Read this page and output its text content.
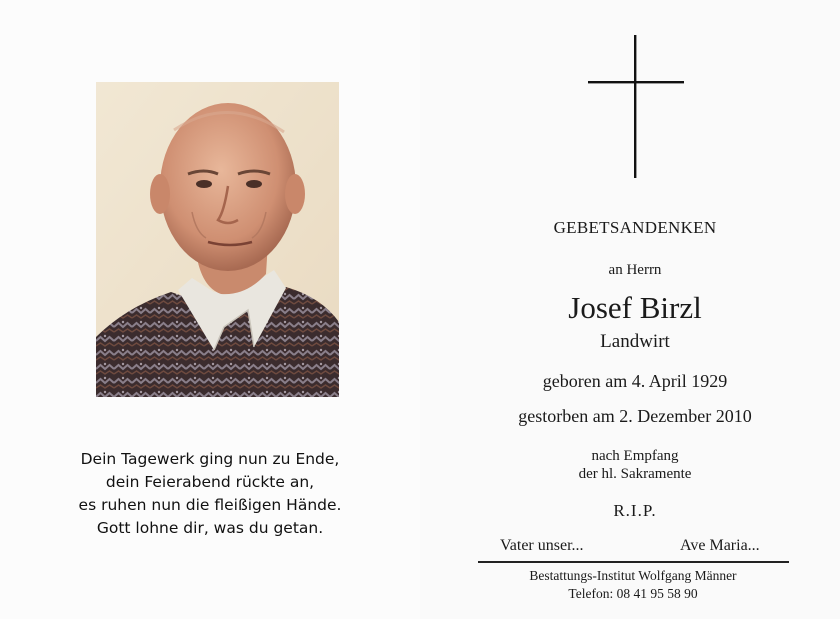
Dein Tagewerk ging nun zu Ende,
dein Feierabend rückte an,
es ruhen nun die fleißigen Hände.
Gott lohne dir, was du getan.
GEBETSANDENKEN
an Herrn
Josef Birzl
Landwirt
geboren am 4. April 1929
gestorben am 2. Dezember 2010
nach Empfang
der hl. Sakramente
R.I.P.
Vater unser...	Ave Maria...
Bestattungs-Institut Wolfgang Männer
Telefon: 08 41 95 58 90
